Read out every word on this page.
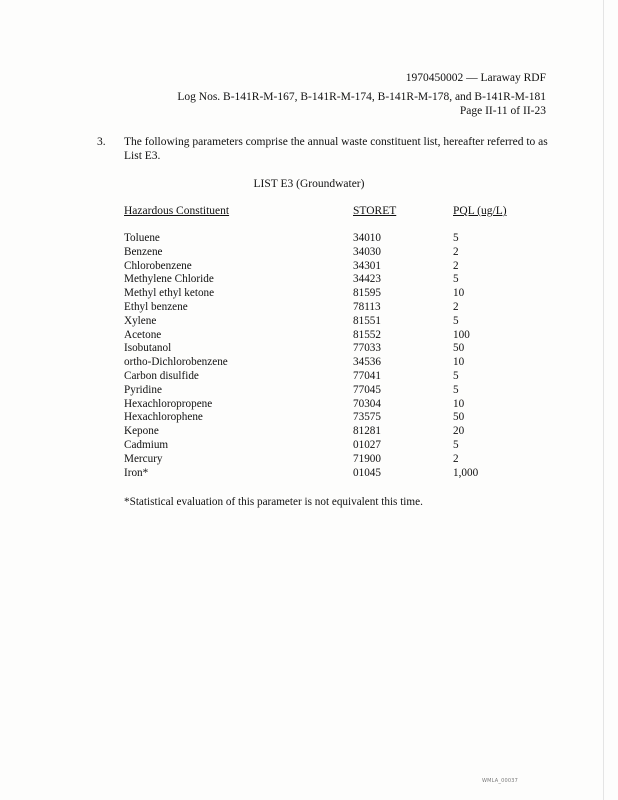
1970450002 — Laraway RDF
Log Nos. B-141R-M-167, B-141R-M-174, B-141R-M-178, and B-141R-M-181
Page II-11 of II-23
3. The following parameters comprise the annual waste constituent list, hereafter referred to as List E3.
LIST E3 (Groundwater)
Hazardous Constituent	STORET	PQL (ug/L)
Toluene	34010	5
Benzene	34030	2
Chlorobenzene	34301	2
Methylene Chloride	34423	5
Methyl ethyl ketone	81595	10
Ethyl benzene	78113	2
Xylene	81551	5
Acetone	81552	100
Isobutanol	77033	50
ortho-Dichlorobenzene	34536	10
Carbon disulfide	77041	5
Pyridine	77045	5
Hexachloropropene	70304	10
Hexachlorophene	73575	50
Kepone	81281	20
Cadmium	01027	5
Mercury	71900	2
Iron*	01045	1,000
*Statistical evaluation of this parameter is not equivalent this time.
WMLA_00037
